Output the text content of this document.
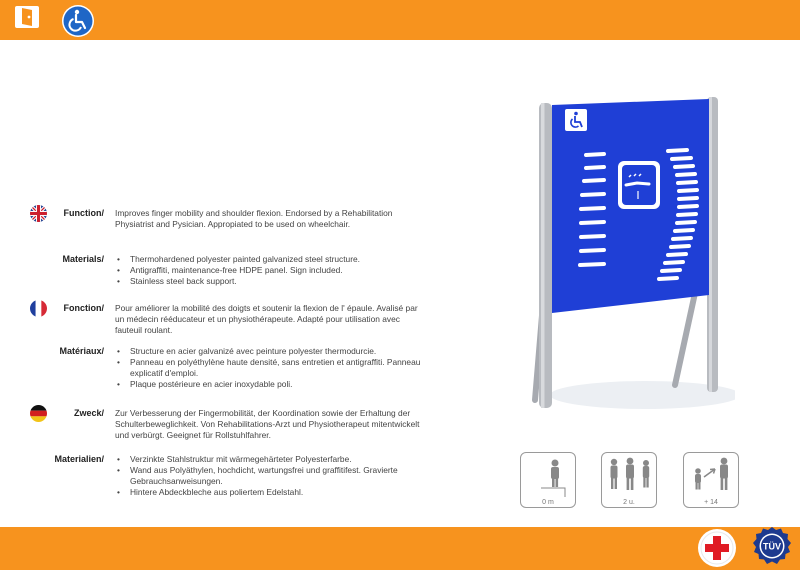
Function/ Improves finger mobility and shoulder flexion. Endorsed by a Rehabilitation Physiatrist and Pysician. Appropiated to be used on wheelchair.
Materials/	• Thermohardened polyester painted galvanized steel structure.
• Antigraffiti, maintenance-free HDPE panel. Sign included.
• Stainless steel back support.
Fonction/ Pour améliorer la mobilité des doigts et soutenir la flexion de l' épaule. Avalisé par un médecin rééducateur et un physiothérapeute. Adapté pour utilisation avec fauteuil roulant.
Matériaux/	• Structure en acier galvanizé avec peinture polyester thermodurcie.
• Panneau en polyéthylène haute densité, sans entretien et antigraffiti. Panneau explicatif d'emploi.
• Plaque postérieure en acier inoxydable poli.
Zweck/ Zur Verbesserung der Fingermobilität, der Koordination sowie der Erhaltung der Schulterbeweglichkeit. Von Rehabilitations-Arzt und Physiotherapeut mitentwickelt und verbürgt. Geeignet für Rollstuhlfahrer.
Materialien/	• Verzinkte Stahlstruktur mit wärmegehärteter Polyesterfarbe.
• Wand aus Polyäthylen, hochdicht, wartungsfrei und graffitifest. Gravierte Gebrauchsanweisungen.
• Hintere Abdeckbleche aus poliertem Edelstahl.
0 m	2 u.	+ 14
TÜV
